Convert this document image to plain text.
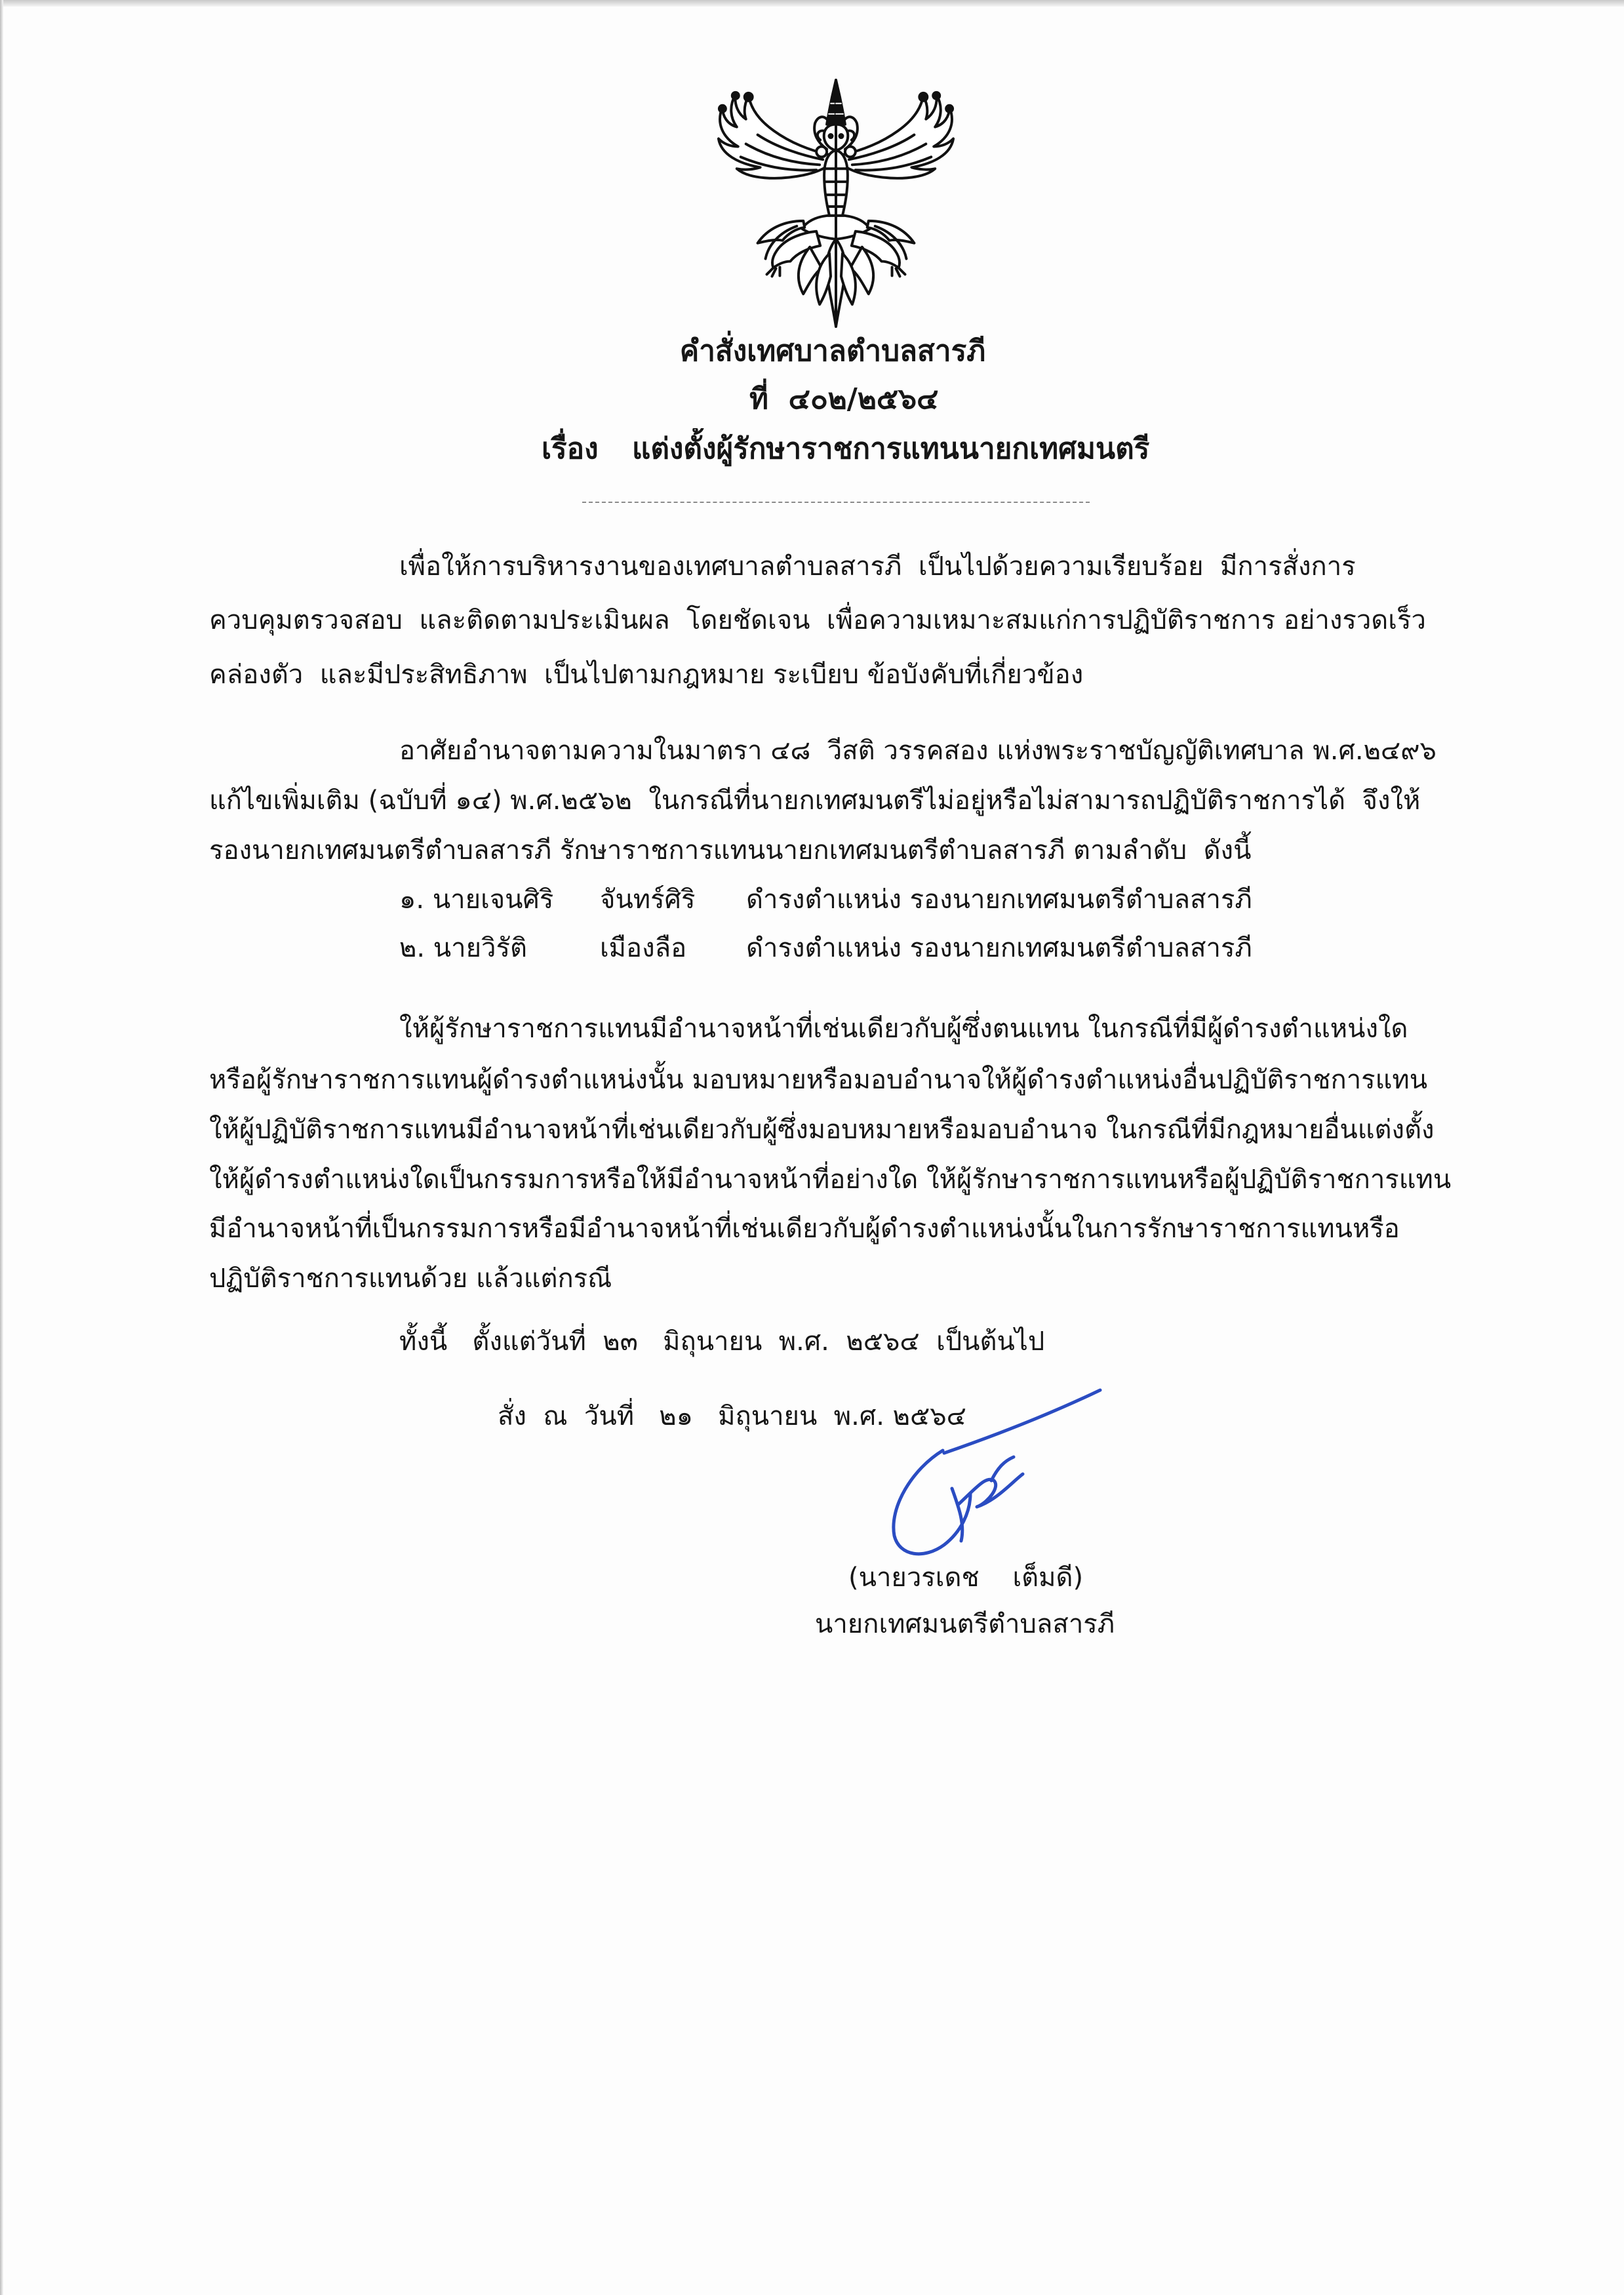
คำสั่งเทศบาลตำบลสารภี
ที่  ๔๐๒/๒๕๖๔
เรื่อง	แต่งตั้งผู้รักษาราชการแทนนายกเทศมนตรี
เพื่อให้การบริหารงานของเทศบาลตำบลสารภี  เป็นไปด้วยความเรียบร้อย  มีการสั่งการ
ควบคุมตรวจสอบ  และติดตามประเมินผล  โดยชัดเจน  เพื่อความเหมาะสมแก่การปฏิบัติราชการ อย่างรวดเร็ว
คล่องตัว  และมีประสิทธิภาพ  เป็นไปตามกฎหมาย ระเบียบ ข้อบังคับที่เกี่ยวข้อง
อาศัยอำนาจตามความในมาตรา ๔๘  วีสติ วรรคสอง แห่งพระราชบัญญัติเทศบาล พ.ศ.๒๔๙๖
แก้ไขเพิ่มเติม (ฉบับที่ ๑๔) พ.ศ.๒๕๖๒  ในกรณีที่นายกเทศมนตรีไม่อยู่หรือไม่สามารถปฏิบัติราชการได้  จึงให้
รองนายกเทศมนตรีตำบลสารภี รักษาราชการแทนนายกเทศมนตรีตำบลสารภี ตามลำดับ  ดังนี้
๑. นายเจนศิริ	จันทร์ศิริ	ดำรงตำแหน่ง รองนายกเทศมนตรีตำบลสารภี
๒. นายวิรัติ	เมืองลือ	ดำรงตำแหน่ง รองนายกเทศมนตรีตำบลสารภี
ให้ผู้รักษาราชการแทนมีอำนาจหน้าที่เช่นเดียวกับผู้ซึ่งตนแทน ในกรณีที่มีผู้ดำรงตำแหน่งใด
หรือผู้รักษาราชการแทนผู้ดำรงตำแหน่งนั้น มอบหมายหรือมอบอำนาจให้ผู้ดำรงตำแหน่งอื่นปฏิบัติราชการแทน
ให้ผู้ปฏิบัติราชการแทนมีอำนาจหน้าที่เช่นเดียวกับผู้ซึ่งมอบหมายหรือมอบอำนาจ ในกรณีที่มีกฎหมายอื่นแต่งตั้ง
ให้ผู้ดำรงตำแหน่งใดเป็นกรรมการหรือให้มีอำนาจหน้าที่อย่างใด ให้ผู้รักษาราชการแทนหรือผู้ปฏิบัติราชการแทน
มีอำนาจหน้าที่เป็นกรรมการหรือมีอำนาจหน้าที่เช่นเดียวกับผู้ดำรงตำแหน่งนั้นในการรักษาราชการแทนหรือ
ปฏิบัติราชการแทนด้วย แล้วแต่กรณี
ทั้งนี้   ตั้งแต่วันที่  ๒๓   มิถุนายน  พ.ศ.  ๒๕๖๔  เป็นต้นไป
สั่ง  ณ  วันที่   ๒๑   มิถุนายน  พ.ศ. ๒๕๖๔
(นายวรเดช    เต็มดี)
นายกเทศมนตรีตำบลสารภี
